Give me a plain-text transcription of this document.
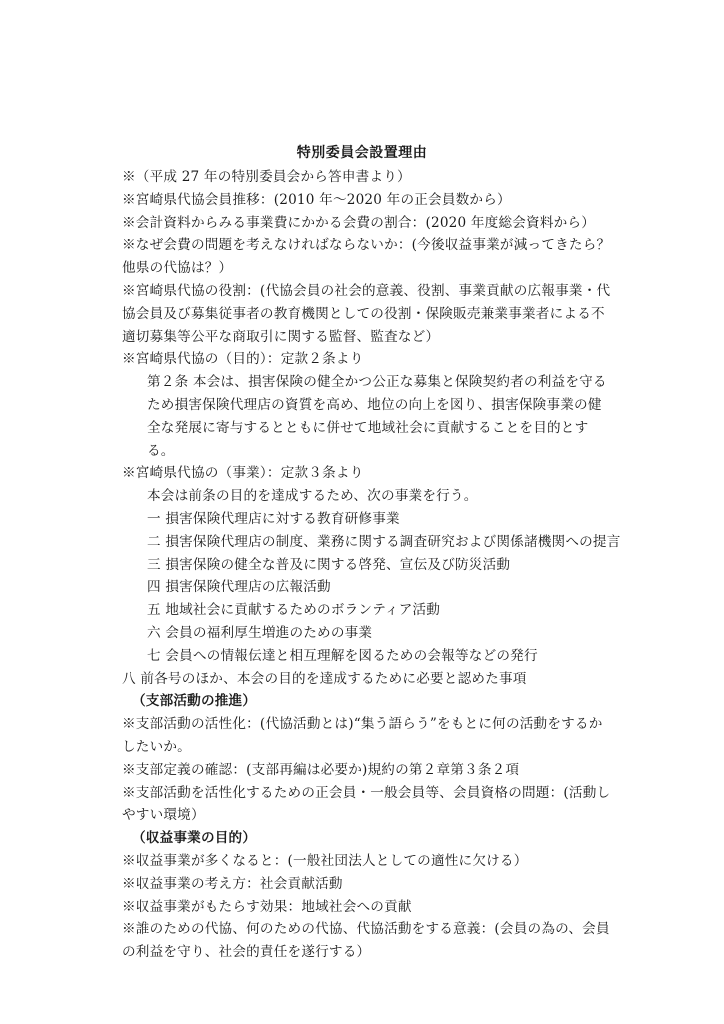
特別委員会設置理由
※（平成 27 年の特別委員会から答申書より）
※宮崎県代協会員推移：(2010 年～2020 年の正会員数から）
※会計資料からみる事業費にかかる会費の割合：(2020 年度総会資料から）
※なぜ会費の問題を考えなければならないか：(今後収益事業が減ってきたら？他県の代協は？）
※宮崎県代協の役割：(代協会員の社会的意義、役割、事業貢献の広報事業・代協会員及び募集従事者の教育機関としての役割・保険販売兼業事業者による不適切募集等公平な商取引に関する監督、監査など）
※宮崎県代協の（目的）：定款２条より
第２条 本会は、損害保険の健全かつ公正な募集と保険契約者の利益を守るため損害保険代理店の資質を高め、地位の向上を図り、損害保険事業の健全な発展に寄与するとともに併せて地域社会に貢献することを目的とする。
※宮崎県代協の（事業）：定款３条より
本会は前条の目的を達成するため、次の事業を行う。
一 損害保険代理店に対する教育研修事業
二 損害保険代理店の制度、業務に関する調査研究および関係諸機関への提言
三 損害保険の健全な普及に関する啓発、宣伝及び防災活動
四 損害保険代理店の広報活動
五 地域社会に貢献するためのボランティア活動
六 会員の福利厚生増進のための事業
七 会員への情報伝達と相互理解を図るための会報等などの発行
八 前各号のほか、本会の目的を達成するために必要と認めた事項
（支部活動の推進）
※支部活動の活性化：(代協活動とは)“集う語らう”をもとに何の活動をするかしたいか。
※支部定義の確認：(支部再編は必要か)規約の第２章第３条２項
※支部活動を活性化するための正会員・一般会員等、会員資格の問題：(活動しやすい環境）
（収益事業の目的）
※収益事業が多くなると：(一般社団法人としての適性に欠ける）
※収益事業の考え方：社会貢献活動
※収益事業がもたらす効果：地域社会への貢献
※誰のための代協、何のための代協、代協活動をする意義：(会員の為の、会員の利益を守り、社会的責任を遂行する）
